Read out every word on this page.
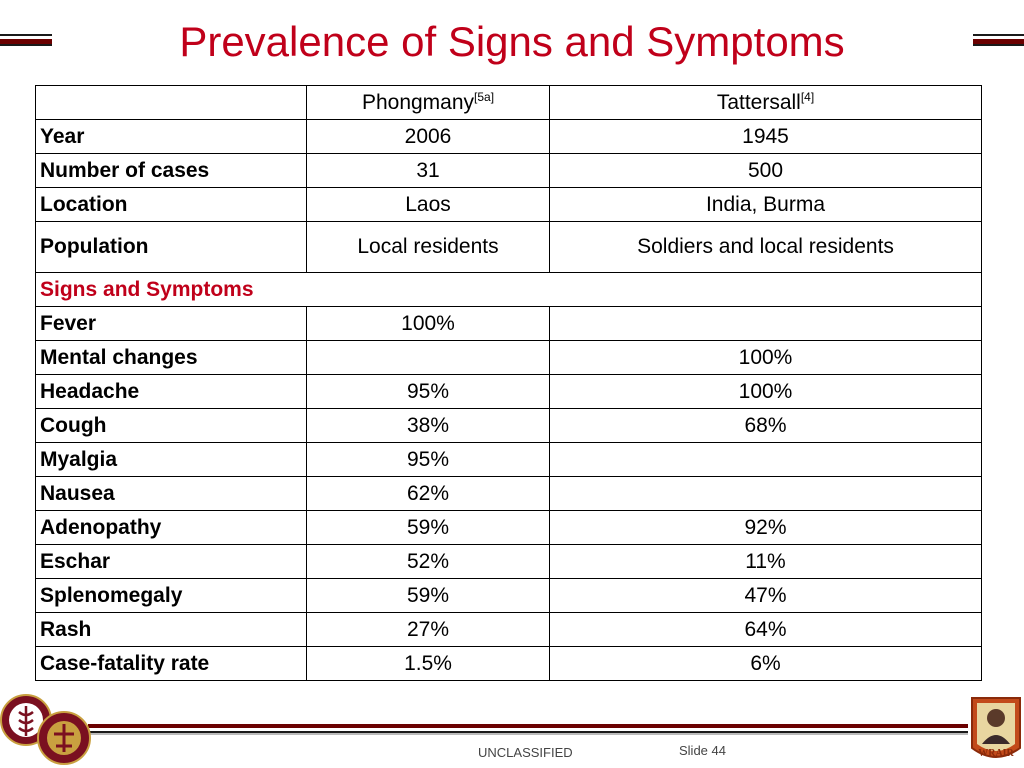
Prevalence of Signs and Symptoms
	Phongmany[5a]	Tattersall[4]
Year	2006	1945
Number of cases	31	500
Location	Laos	India, Burma
Population	Local residents	Soldiers and local residents
Signs and Symptoms		
Fever	100%	
Mental changes		100%
Headache	95%	100%
Cough	38%	68%
Myalgia	95%	
Nausea	62%	
Adenopathy	59%	92%
Eschar	52%	11%
Splenomegaly	59%	47%
Rash	27%	64%
Case-fatality rate	1.5%	6%
WRAIR
UNCLASSIFIED	Slide 44
